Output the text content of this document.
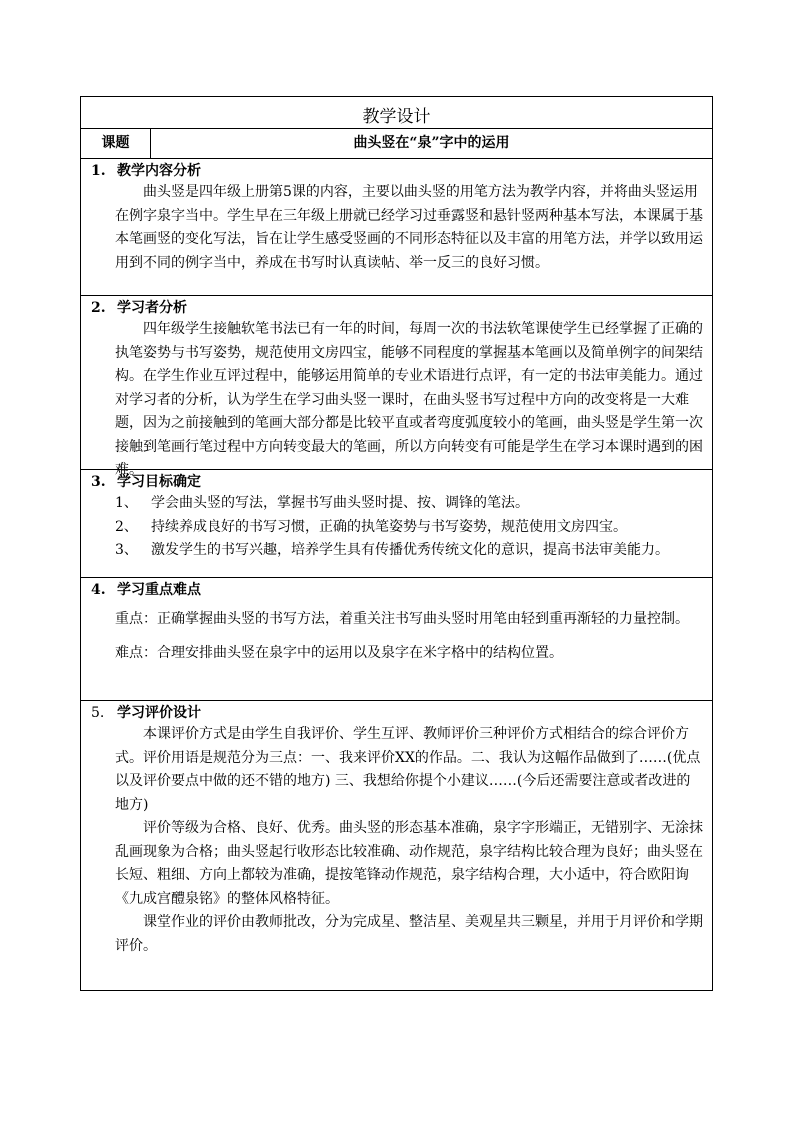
教学设计
课题	曲头竖在“泉”字中的运用
1. 教学内容分析

曲头竖是四年级上册第5课的内容，主要以曲头竖的用笔方法为教学内容，并将曲头竖运用在例字泉字当中。学生早在三年级上册就已经学习过垂露竖和悬针竖两种基本写法，本课属于基本笔画竖的变化写法，旨在让学生感受竖画的不同形态特征以及丰富的用笔方法，并学以致用运用到不同的例字当中，养成在书写时认真读帖、举一反三的良好习惯。

2. 学习者分析

四年级学生接触软笔书法已有一年的时间，每周一次的书法软笔课使学生已经掌握了正确的执笔姿势与书写姿势，规范使用文房四宝，能够不同程度的掌握基本笔画以及简单例字的间架结构。在学生作业互评过程中，能够运用简单的专业术语进行点评，有一定的书法审美能力。通过对学习者的分析，认为学生在学习曲头竖一课时，在曲头竖书写过程中方向的改变将是一大难题，因为之前接触到的笔画大部分都是比较平直或者弯度弧度较小的笔画，曲头竖是学生第一次接触到笔画行笔过程中方向转变最大的笔画，所以方向转变有可能是学生在学习本课时遇到的困难。

3. 学习目标确定
1、 学会曲头竖的写法，掌握书写曲头竖时提、按、调锋的笔法。
2、 持续养成良好的书写习惯，正确的执笔姿势与书写姿势，规范使用文房四宝。
3、 激发学生的书写兴趣，培养学生具有传播优秀传统文化的意识，提高书法审美能力。
4. 学习重点难点

重点：正确掌握曲头竖的书写方法，着重关注书写曲头竖时用笔由轻到重再渐轻的力量控制。

难点：合理安排曲头竖在泉字中的运用以及泉字在米字格中的结构位置。

5. 学习评价设计

本课评价方式是由学生自我评价、学生互评、教师评价三种评价方式相结合的综合评价方式。评价用语是规范分为三点：一、我来评价XX的作品。二、我认为这幅作品做到了……(优点以及评价要点中做的还不错的地方) 三、我想给你提个小建议……(今后还需要注意或者改进的地方)

评价等级为合格、良好、优秀。曲头竖的形态基本准确，泉字字形端正，无错别字、无涂抹乱画现象为合格；曲头竖起行收形态比较准确、动作规范，泉字结构比较合理为良好；曲头竖在长短、粗细、方向上都较为准确，提按笔锋动作规范，泉字结构合理，大小适中，符合欧阳询《九成宫醴泉铭》的整体风格特征。

课堂作业的评价由教师批改，分为完成星、整洁星、美观星共三颗星，并用于月评价和学期评价。
